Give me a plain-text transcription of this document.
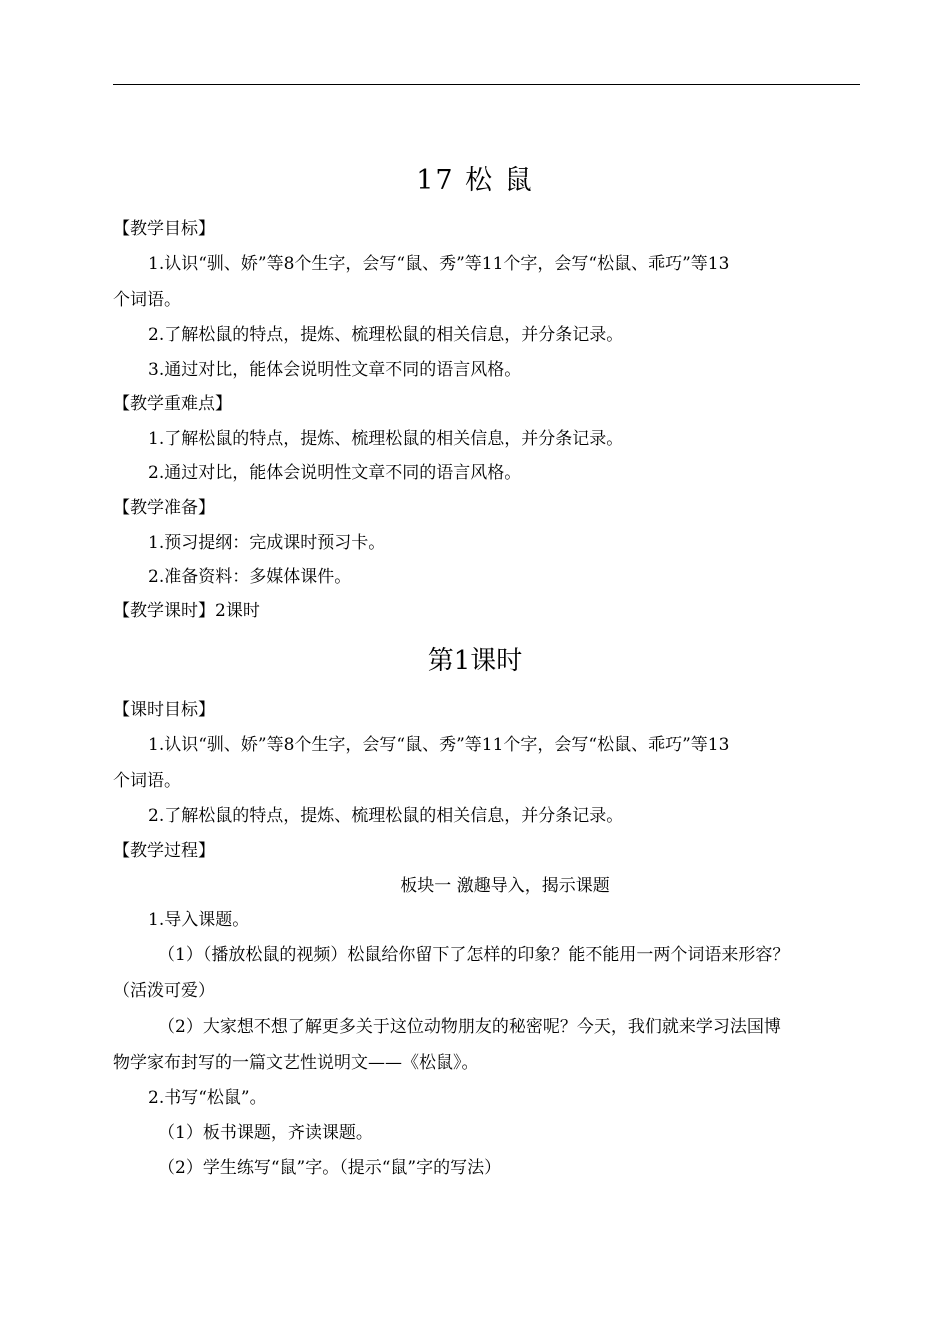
17 松 鼠
【教学目标】
1.认识“驯、娇”等8个生字，会写“鼠、秀”等11个字，会写“松鼠、乖巧”等13
个词语。
2.了解松鼠的特点，提炼、梳理松鼠的相关信息，并分条记录。
3.通过对比，能体会说明性文章不同的语言风格。
【教学重难点】
1.了解松鼠的特点，提炼、梳理松鼠的相关信息，并分条记录。
2.通过对比，能体会说明性文章不同的语言风格。
【教学准备】
1.预习提纲：完成课时预习卡。
2.准备资料：多媒体课件。
【教学课时】2课时
第1课时
【课时目标】
1.认识“驯、娇”等8个生字，会写“鼠、秀”等11个字，会写“松鼠、乖巧”等13
个词语。
2.了解松鼠的特点，提炼、梳理松鼠的相关信息，并分条记录。
【教学过程】
板块一 激趣导入，揭示课题
1.导入课题。
（1）（播放松鼠的视频）松鼠给你留下了怎样的印象？能不能用一两个词语来形容？
（活泼可爱）
（2）大家想不想了解更多关于这位动物朋友的秘密呢？今天，我们就来学习法国博
物学家布封写的一篇文艺性说明文——《松鼠》。
2.书写“松鼠”。
（1）板书课题，齐读课题。
（2）学生练写“鼠”字。（提示“鼠”字的写法）
